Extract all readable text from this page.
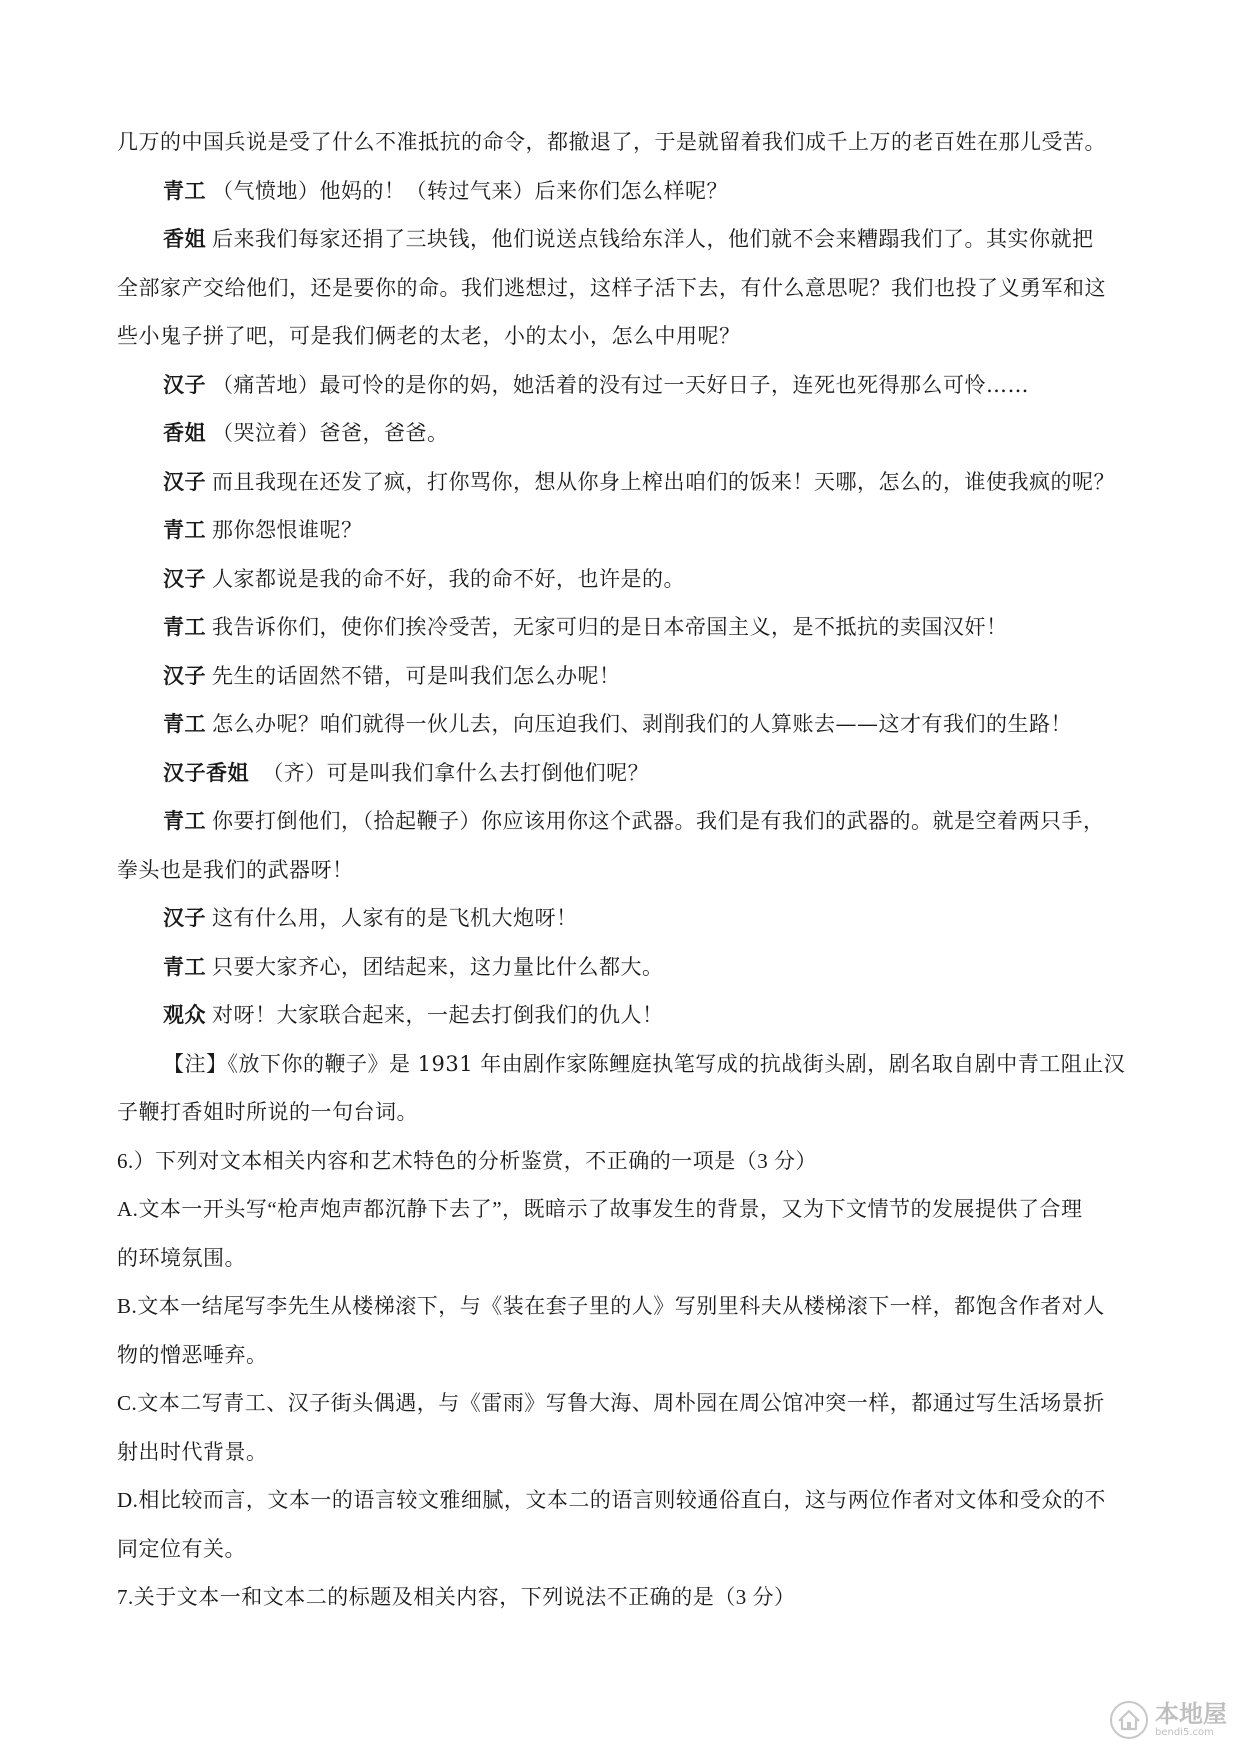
几万的中国兵说是受了什么不准抵抗的命令，都撤退了，于是就留着我们成千上万的老百姓在那儿受苦。
青工 （气愤地）他妈的！（转过气来）后来你们怎么样呢？
香姐 后来我们每家还捐了三块钱，他们说送点钱给东洋人，他们就不会来糟蹋我们了。其实你就把
全部家产交给他们，还是要你的命。我们逃想过，这样子活下去，有什么意思呢？我们也投了义勇军和这
些小鬼子拼了吧，可是我们俩老的太老，小的太小，怎么中用呢？
汉子 （痛苦地）最可怜的是你的妈，她活着的没有过一天好日子，连死也死得那么可怜……
香姐 （哭泣着）爸爸，爸爸。
汉子 而且我现在还发了疯，打你骂你，想从你身上榨出咱们的饭来！天哪，怎么的，谁使我疯的呢？
青工 那你怨恨谁呢？
汉子 人家都说是我的命不好，我的命不好，也许是的。
青工 我告诉你们，使你们挨冷受苦，无家可归的是日本帝国主义，是不抵抗的卖国汉奸！
汉子 先生的话固然不错，可是叫我们怎么办呢！
青工 怎么办呢？咱们就得一伙儿去，向压迫我们、剥削我们的人算账去——这才有我们的生路！
汉子香姐 （齐）可是叫我们拿什么去打倒他们呢？
青工 你要打倒他们，（拾起鞭子）你应该用你这个武器。我们是有我们的武器的。就是空着两只手，
拳头也是我们的武器呀！
汉子 这有什么用，人家有的是飞机大炮呀！
青工 只要大家齐心，团结起来，这力量比什么都大。
观众 对呀！大家联合起来，一起去打倒我们的仇人！
【注】《放下你的鞭子》是 1931 年由剧作家陈鲤庭执笔写成的抗战街头剧，剧名取自剧中青工阻止汉
子鞭打香姐时所说的一句台词。
6.）下列对文本相关内容和艺术特色的分析鉴赏，不正确的一项是（3 分）
A.文本一开头写“枪声炮声都沉静下去了”，既暗示了故事发生的背景，又为下文情节的发展提供了合理
的环境氛围。
B.文本一结尾写李先生从楼梯滚下，与《装在套子里的人》写别里科夫从楼梯滚下一样，都饱含作者对人
物的憎恶唾弃。
C.文本二写青工、汉子街头偶遇，与《雷雨》写鲁大海、周朴园在周公馆冲突一样，都通过写生活场景折
射出时代背景。
D.相比较而言，文本一的语言较文雅细腻，文本二的语言则较通俗直白，这与两位作者对文体和受众的不
同定位有关。
7.关于文本一和文本二的标题及相关内容，下列说法不正确的是（3 分）
本地屋
bendi5.com
